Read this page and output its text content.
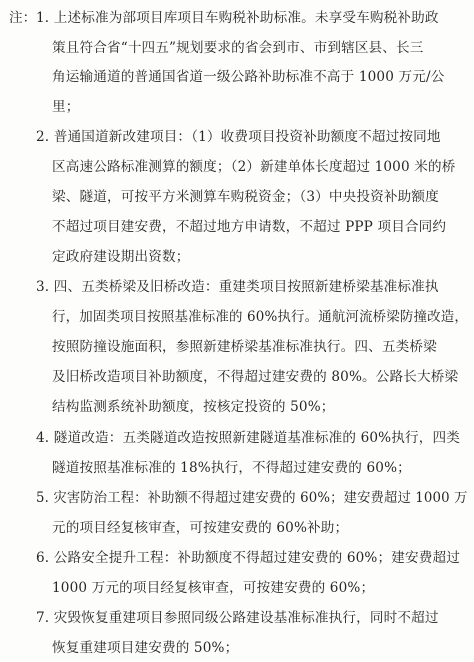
注： 1. 上述标准为部项目库项目车购税补助标准。未享受车购税补助政
策且符合省“十四五”规划要求的省会到市、市到辖区县、长三
角运输通道的普通国省道一级公路补助标准不高于 1000 万元/公
里；
2. 普通国道新改建项目：（1）收费项目投资补助额度不超过按同地
区高速公路标准测算的额度；（2）新建单体长度超过 1000 米的桥
梁、隧道，可按平方米测算车购税资金；（3）中央投资补助额度
不超过项目建安费，不超过地方申请数，不超过 PPP 项目合同约
定政府建设期出资数；
3. 四、五类桥梁及旧桥改造：重建类项目按照新建桥梁基准标准执
行，加固类项目按照基准标准的 60%执行。通航河流桥梁防撞改造，
按照防撞设施面积，参照新建桥梁基准标准执行。四、五类桥梁
及旧桥改造项目补助额度，不得超过建安费的 80%。公路长大桥梁
结构监测系统补助额度，按核定投资的 50%；
4. 隧道改造：五类隧道改造按照新建隧道基准标准的 60%执行，四类
隧道按照基准标准的 18%执行，不得超过建安费的 60%；
5. 灾害防治工程：补助额不得超过建安费的 60%；建安费超过 1000 万
元的项目经复核审查，可按建安费的 60%补助；
6. 公路安全提升工程：补助额度不得超过建安费的 60%；建安费超过
1000 万元的项目经复核审查，可按建安费的 60%；
7. 灾毁恢复重建项目参照同级公路建设基准标准执行，同时不超过
恢复重建项目建安费的 50%；
